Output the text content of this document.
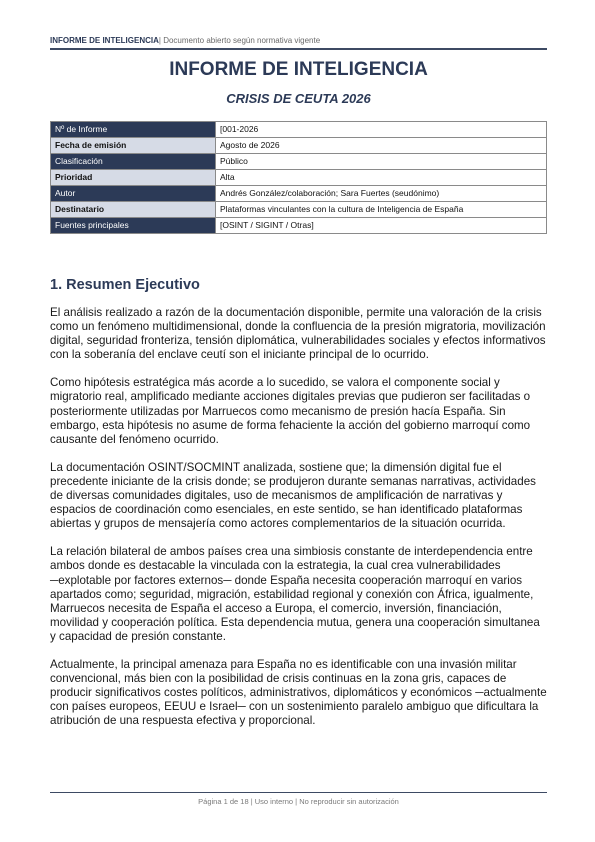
INFORME DE INTELIGENCIA| Documento abierto según normativa vigente
INFORME DE INTELIGENCIA
CRISIS DE CEUTA 2026
Nº de Informe	[001-2026
Fecha de emisión	Agosto de 2026
Clasificación	Público
Prioridad	Alta
Autor	Andrés González/colaboración; Sara Fuertes (seudónimo)
Destinatario	Plataformas vinculantes con la cultura de Inteligencia de España
Fuentes principales	[OSINT / SIGINT / Otras]
1. Resumen Ejecutivo

El análisis realizado a razón de la documentación disponible, permite una valoración de la crisis como un fenómeno multidimensional, donde la confluencia de la presión migratoria, movilización digital, seguridad fronteriza, tensión diplomática, vulnerabilidades sociales y efectos informativos con la soberanía del enclave ceutí son el iniciante principal de lo ocurrido.

Como hipótesis estratégica más acorde a lo sucedido, se valora el componente social y migratorio real, amplificado mediante acciones digitales previas que pudieron ser facilitadas o posteriormente utilizadas por Marruecos como mecanismo de presión hacía España. Sin embargo, esta hipótesis no asume de forma fehaciente la acción del gobierno marroquí como causante del fenómeno ocurrido.

La documentación OSINT/SOCMINT analizada, sostiene que; la dimensión digital fue el precedente iniciante de la crisis donde; se produjeron durante semanas narrativas, actividades de diversas comunidades digitales, uso de mecanismos de amplificación de narrativas y espacios de coordinación como esenciales, en este sentido, se han identificado plataformas abiertas y grupos de mensajería como actores complementarios de la situación ocurrida.

La relación bilateral de ambos países crea una simbiosis constante de interdependencia entre ambos donde es destacable la vinculada con la estrategia, la cual crea vulnerabilidades ─explotable por factores externos─ donde España necesita cooperación marroquí en varios apartados como; seguridad, migración, estabilidad regional y conexión con África, igualmente, Marruecos necesita de España el acceso a Europa, el comercio, inversión, financiación, movilidad y cooperación política. Esta dependencia mutua, genera una cooperación simultanea y capacidad de presión constante.

Actualmente, la principal amenaza para España no es identificable con una invasión militar convencional, más bien con la posibilidad de crisis continuas en la zona gris, capaces de producir significativos costes políticos, administrativos, diplomáticos y económicos ─actualmente con países europeos, EEUU e Israel─ con un sostenimiento paralelo ambiguo que dificultara la atribución de una respuesta efectiva y proporcional.

Página 1 de 18 | Uso interno | No reproducir sin autorización
